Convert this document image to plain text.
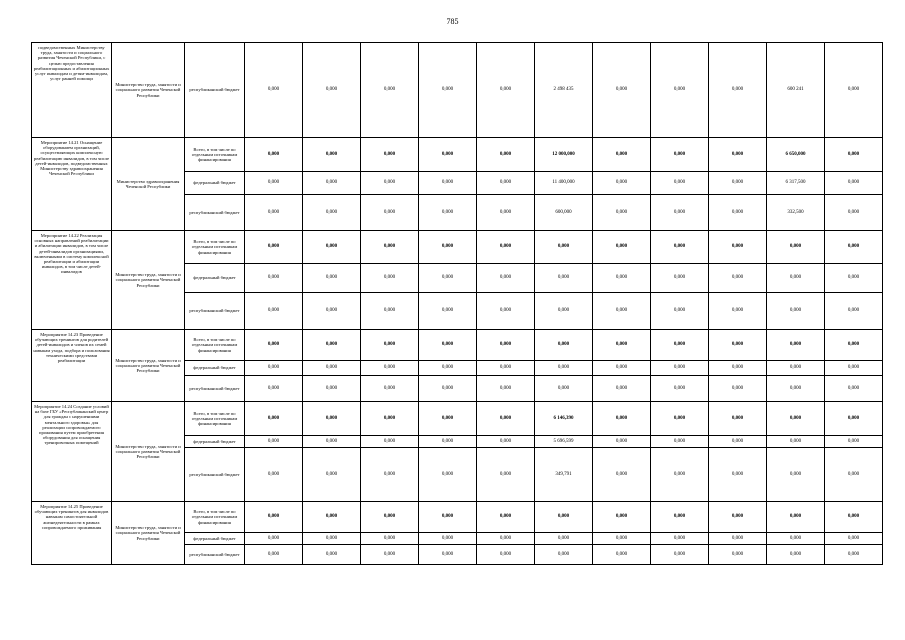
785
подведомственных Министерству труда, занятости и социального развития Чеченской Республики, с целью предоставления реабилитационных и абилитационных услуг инвалидам и детям-инвалидам, услуг ранней помощи	Министерство труда, занятости и социального развития Чеченской Республики	республиканский бюджет	0,000	0,000	0,000	0,000	0,000	2 498 435	0,000	0,000	0,000	600 241	0,000
Мероприятие 14.21 Оснащение оборудованием организаций, осуществляющих комплексную реабилитацию инвалидов, в том числе детей-инвалидов, подведомственных Министерству здравоохранения Чеченской Республики	Министерство здравоохранения Чеченской Республики	Всего, в том числе по отдельным источникам финансирования	0,000	0,000	0,000	0,000	0,000	12 000,000	0,000	0,000	0,000	6 650,000	0,000
		федеральный бюджет	0,000	0,000	0,000	0,000	0,000	11 400,000	0,000	0,000	0,000	6 317,500	0,000
		республиканский бюджет	0,000	0,000	0,000	0,000	0,000	600,000	0,000	0,000	0,000	332,500	0,000
Мероприятие 14.22 Реализация основных направлений реабилитации и абилитации инвалидов, в том числе детей-инвалидов организациями, включенными в систему комплексной реабилитации и абилитации инвалидов, в том числе детей-инвалидов	Министерство труда, занятости и социального развития Чеченской Республики	Всего, в том числе по отдельным источникам финансирования	0,000	0,000	0,000	0,000	0,000	0,000	0,000	0,000	0,000	0,000	0,000
		федеральный бюджет	0,000	0,000	0,000	0,000	0,000	0,000	0,000	0,000	0,000	0,000	0,000
		республиканский бюджет	0,000	0,000	0,000	0,000	0,000	0,000	0,000	0,000	0,000	0,000	0,000
Мероприятие 14.23 Проведение обучающих тренингов для родителей детей-инвалидов и членов их семей навыкам ухода, подбора и пользования техническими средствами реабилитации	Министерство труда, занятости и социального развития Чеченской Республики	Всего, в том числе по отдельным источникам финансирования	0,000	0,000	0,000	0,000	0,000	0,000	0,000	0,000	0,000	0,000	0,000
		федеральный бюджет	0,000	0,000	0,000	0,000	0,000	0,000	0,000	0,000	0,000	0,000	0,000
		республиканский бюджет	0,000	0,000	0,000	0,000	0,000	0,000	0,000	0,000	0,000	0,000	0,000
Мероприятие 14.24 Создание условий на базе ГБУ «Республиканский центр для граждан с нарушениями ментального здоровья» для реализации сопровождаемого проживания путем приобретения оборудования для оснащения тренировочных помещений	Министерство труда, занятости и социального развития Чеченской Республики	Всего, в том числе по отдельным источникам финансирования	0,000	0,000	0,000	0,000	0,000	6 146,390	0,000	0,000	0,000	0,000	0,000
		федеральный бюджет	0,000	0,000	0,000	0,000	0,000	5 696,599	0,000	0,000	0,000	0,000	0,000
		республиканский бюджет	0,000	0,000	0,000	0,000	0,000	349,791	0,000	0,000	0,000	0,000	0,000
Мероприятие 14.25 Проведение обучающих тренингов для инвалидов навыкам самостоятельной жизнедеятельности в рамках сопровождаемого проживания	Министерство труда, занятости и социального развития Чеченской Республики	Всего, в том числе по отдельным источникам финансирования	0,000	0,000	0,000	0,000	0,000	0,000	0,000	0,000	0,000	0,000	0,000
		федеральный бюджет	0,000	0,000	0,000	0,000	0,000	0,000	0,000	0,000	0,000	0,000	0,000
		республиканский бюджет	0,000	0,000	0,000	0,000	0,000	0,000	0,000	0,000	0,000	0,000	0,000
